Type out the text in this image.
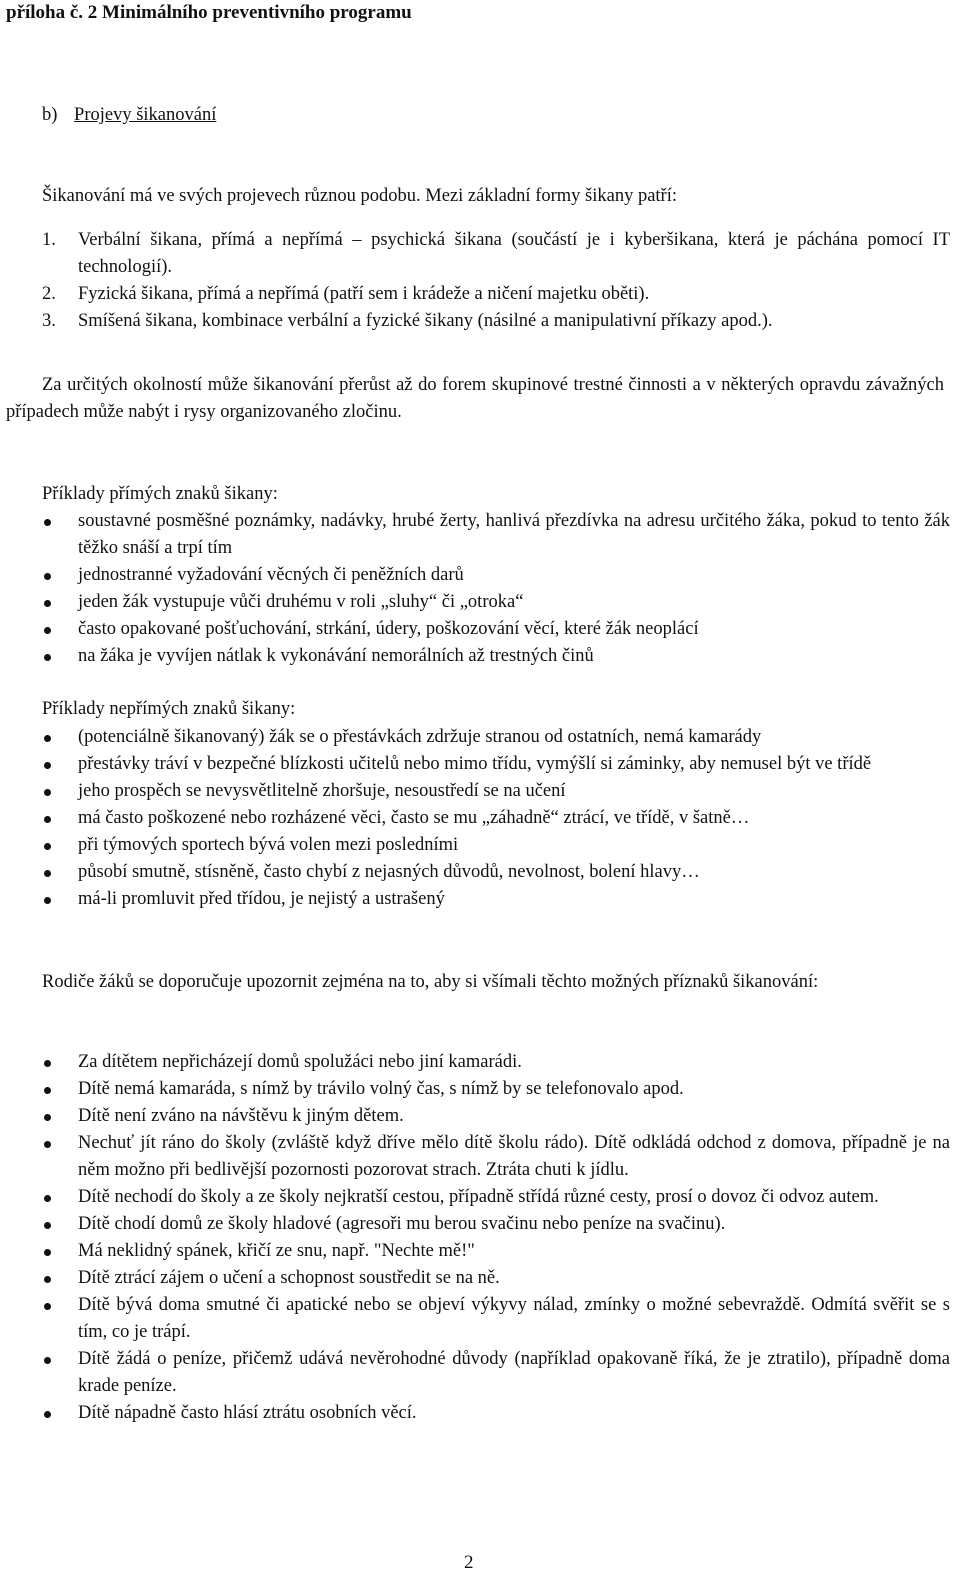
příloha č. 2 Minimálního preventivního programu
b) Projevy šikanování

Šikanování má ve svých projevech různou podobu. Mezi základní formy šikany patří:

1. Verbální šikana, přímá a nepřímá – psychická šikana (součástí je i kyberšikana, která je páchána pomocí IT technologií).
2. Fyzická šikana, přímá a nepřímá (patří sem i krádeže a ničení majetku oběti).
3. Smíšená šikana, kombinace verbální a fyzické šikany (násilné a manipulativní příkazy apod.).

Za určitých okolností může šikanování přerůst až do forem skupinové trestné činnosti a v některých opravdu závažných případech může nabýt i rysy organizovaného zločinu.

Příklady přímých znaků šikany:

soustavné posměšné poznámky, nadávky, hrubé žerty, hanlivá přezdívka na adresu určitého žáka, pokud to tento žák těžko snáší a trpí tím
jednostranné vyžadování věcných či peněžních darů
jeden žák vystupuje vůči druhému v roli „sluhy“ či „otroka“
často opakované pošťuchování, strkání, údery, poškozování věcí, které žák neoplácí
na žáka je vyvíjen nátlak k vykonávání nemorálních až trestných činů

Příklady nepřímých znaků šikany:

(potenciálně šikanovaný) žák se o přestávkách zdržuje stranou od ostatních, nemá kamarády
přestávky tráví v bezpečné blízkosti učitelů nebo mimo třídu, vymýšlí si záminky, aby nemusel být ve třídě
jeho prospěch se nevysvětlitelně zhoršuje, nesoustředí se na učení
má často poškozené nebo rozházené věci, často se mu „záhadně“ ztrácí, ve třídě, v šatně…
při týmových sportech bývá volen mezi posledními
působí smutně, stísněně, často chybí z nejasných důvodů, nevolnost, bolení hlavy…
má-li promluvit před třídou, je nejistý a ustrašený

Rodiče žáků se doporučuje upozornit zejména na to, aby si všímali těchto možných příznaků šikanování:

Za dítětem nepřicházejí domů spolužáci nebo jiní kamarádi.
Dítě nemá kamaráda, s nímž by trávilo volný čas, s nímž by se telefonovalo apod.
Dítě není zváno na návštěvu k jiným dětem.
Nechuť jít ráno do školy (zvláště když dříve mělo dítě školu rádo). Dítě odkládá odchod z domova, případně je na něm možno při bedlivější pozornosti pozorovat strach. Ztráta chuti k jídlu.
Dítě nechodí do školy a ze školy nejkratší cestou, případně střídá různé cesty, prosí o dovoz či odvoz autem.
Dítě chodí domů ze školy hladové (agresoři mu berou svačinu nebo peníze na svačinu).
Má neklidný spánek, křičí ze snu, např. "Nechte mě!"
Dítě ztrácí zájem o učení a schopnost soustředit se na ně.
Dítě bývá doma smutné či apatické nebo se objeví výkyvy nálad, zmínky o možné sebevraždě. Odmítá svěřit se s tím, co je trápí.
Dítě žádá o peníze, přičemž udává nevěrohodné důvody (například opakovaně říká, že je ztratilo), případně doma krade peníze.
Dítě nápadně často hlásí ztrátu osobních věcí.
2
